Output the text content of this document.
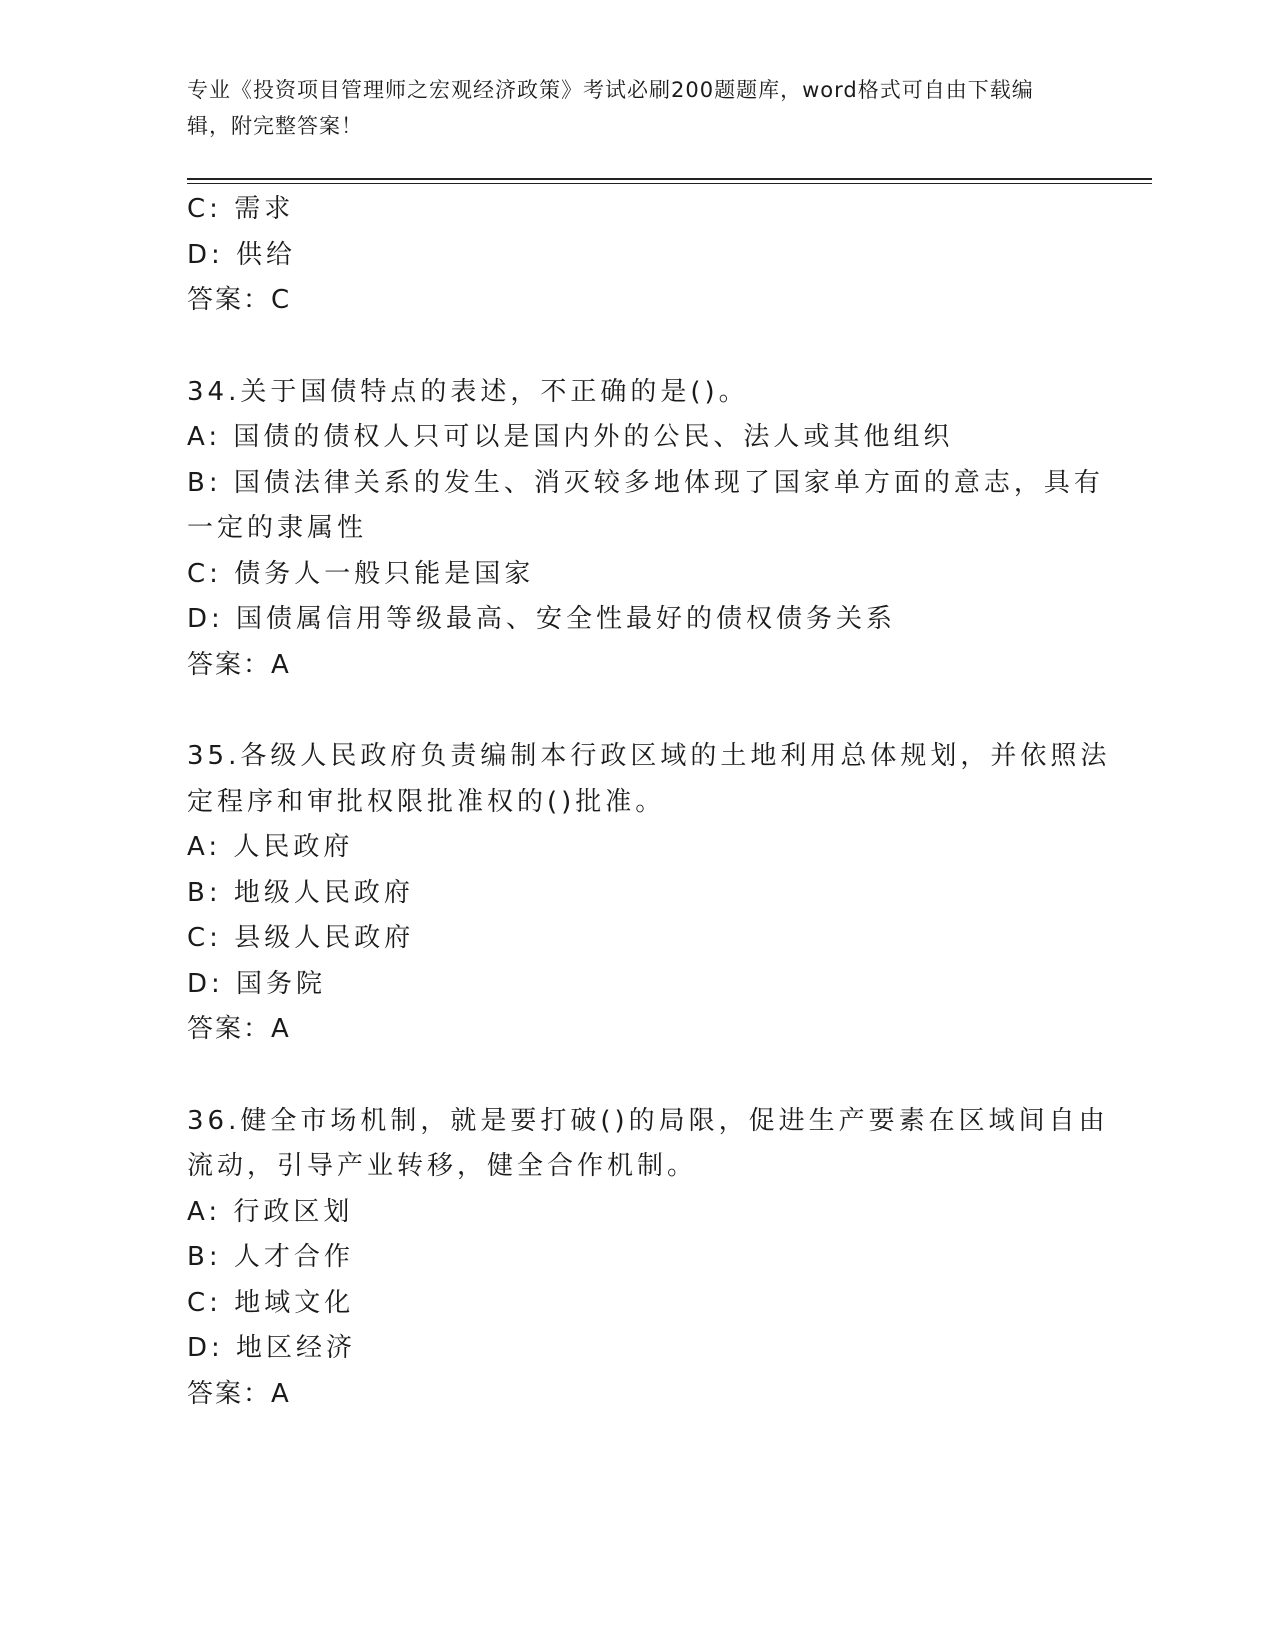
专业《投资项目管理师之宏观经济政策》考试必刷200题题库，word格式可自由下载编辑，附完整答案！
C: 需求
D: 供给
答案：C
34.关于国债特点的表述，不正确的是()。
A: 国债的债权人只可以是国内外的公民、法人或其他组织
B: 国债法律关系的发生、消灭较多地体现了国家单方面的意志，具有
一定的隶属性
C: 债务人一般只能是国家
D: 国债属信用等级最高、安全性最好的债权债务关系
答案：A
35.各级人民政府负责编制本行政区域的土地利用总体规划，并依照法
定程序和审批权限批准权的()批准。
A: 人民政府
B: 地级人民政府
C: 县级人民政府
D: 国务院
答案：A
36.健全市场机制，就是要打破()的局限，促进生产要素在区域间自由
流动，引导产业转移，健全合作机制。
A: 行政区划
B: 人才合作
C: 地域文化
D: 地区经济
答案：A
